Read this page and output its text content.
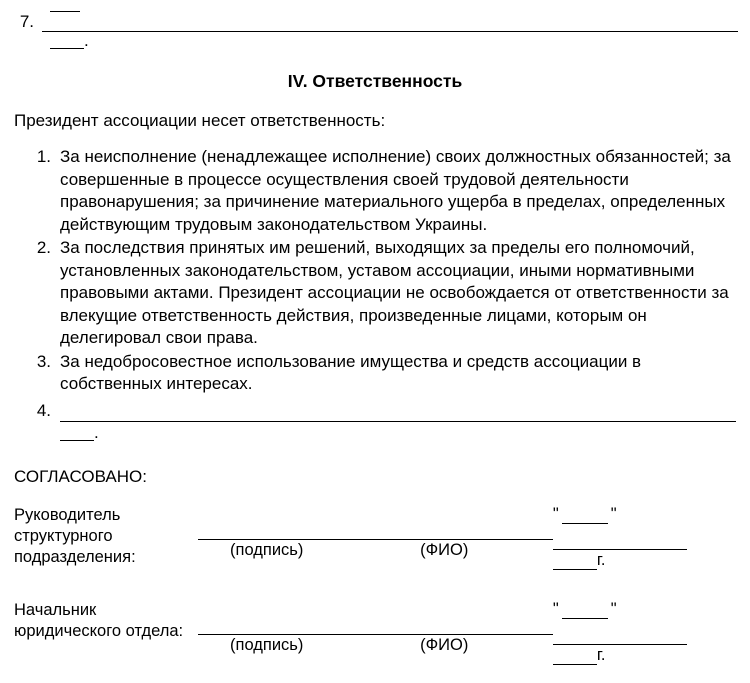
7.
.
IV. Ответственность

Президент ассоциации несет ответственность:

1. За неисполнение (ненадлежащее исполнение) своих должностных обязанностей; за совершенные в процессе осуществления своей трудовой деятельности правонарушения; за причинение материального ущерба в пределах, определенных действующим трудовым законодательством Украины.
2. За последствия принятых им решений, выходящих за пределы его полномочий, установленных законодательством, уставом ассоциации, иными нормативными правовыми актами. Президент ассоциации не освобождается от ответственности за влекущие ответственность действия, произведенные лицами, которым он делегировал свои права.
3. За недобросовестное использование имущества и средств ассоциации в собственных интересах.
4.
.
СОГЛАСОВАНО:
Руководитель структурного подразделения:	(подпись)	(ФИО)	" "
г.

Начальник юридического отдела:	(подпись)	(ФИО)	" "
г.
